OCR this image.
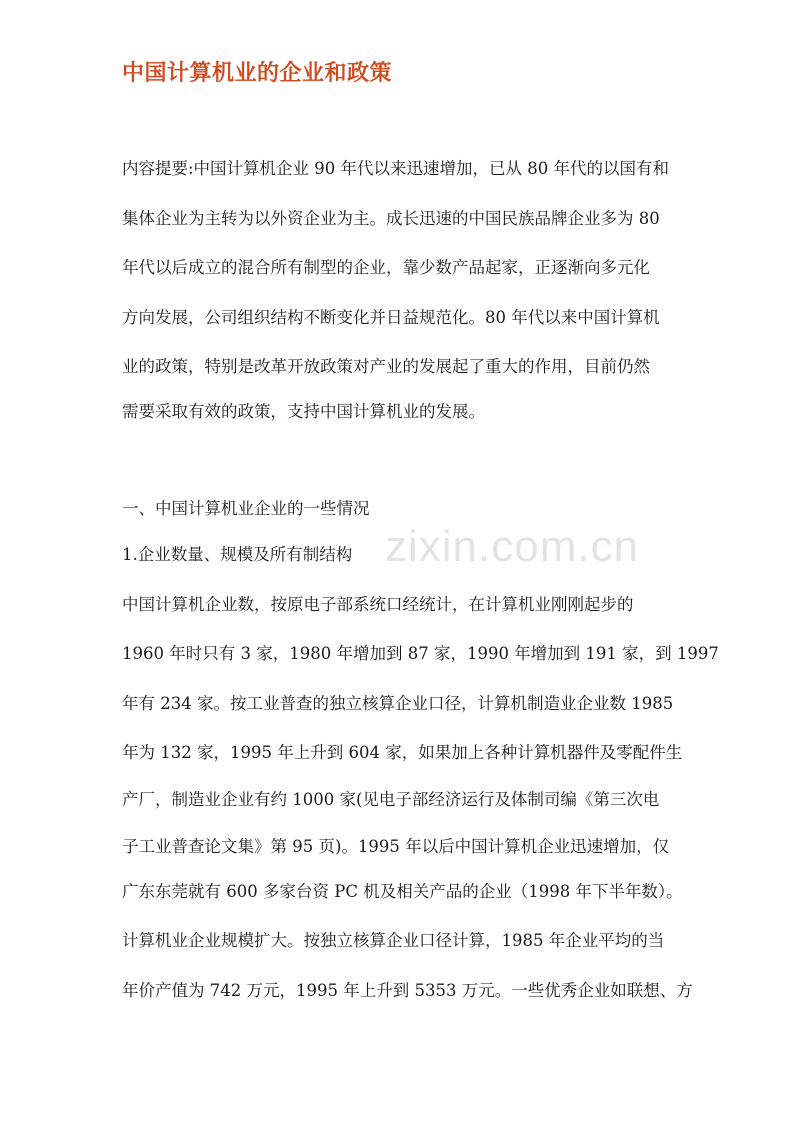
zixin.com.cn
中国计算机业的企业和政策
内容提要:中国计算机企业 90 年代以来迅速增加，已从 80 年代的以国有和
集体企业为主转为以外资企业为主。成长迅速的中国民族品牌企业多为 80
年代以后成立的混合所有制型的企业，靠少数产品起家，正逐渐向多元化
方向发展，公司组织结构不断变化并日益规范化。80 年代以来中国计算机
业的政策，特别是改革开放政策对产业的发展起了重大的作用，目前仍然
需要采取有效的政策，支持中国计算机业的发展。
一、中国计算机业企业的一些情况
1.企业数量、规模及所有制结构
中国计算机企业数，按原电子部系统口经统计，在计算机业刚刚起步的
1960 年时只有 3 家，1980 年增加到 87 家，1990 年增加到 191 家，到 1997
年有 234 家。按工业普查的独立核算企业口径，计算机制造业企业数 1985
年为 132 家，1995 年上升到 604 家，如果加上各种计算机器件及零配件生
产厂，制造业企业有约 1000 家(见电子部经济运行及体制司编《第三次电
子工业普查论文集》第 95 页)。1995 年以后中国计算机企业迅速增加，仅
广东东莞就有 600 多家台资 PC 机及相关产品的企业（1998 年下半年数）。
计算机业企业规模扩大。按独立核算企业口径计算，1985 年企业平均的当
年价产值为 742 万元，1995 年上升到 5353 万元。一些优秀企业如联想、方
